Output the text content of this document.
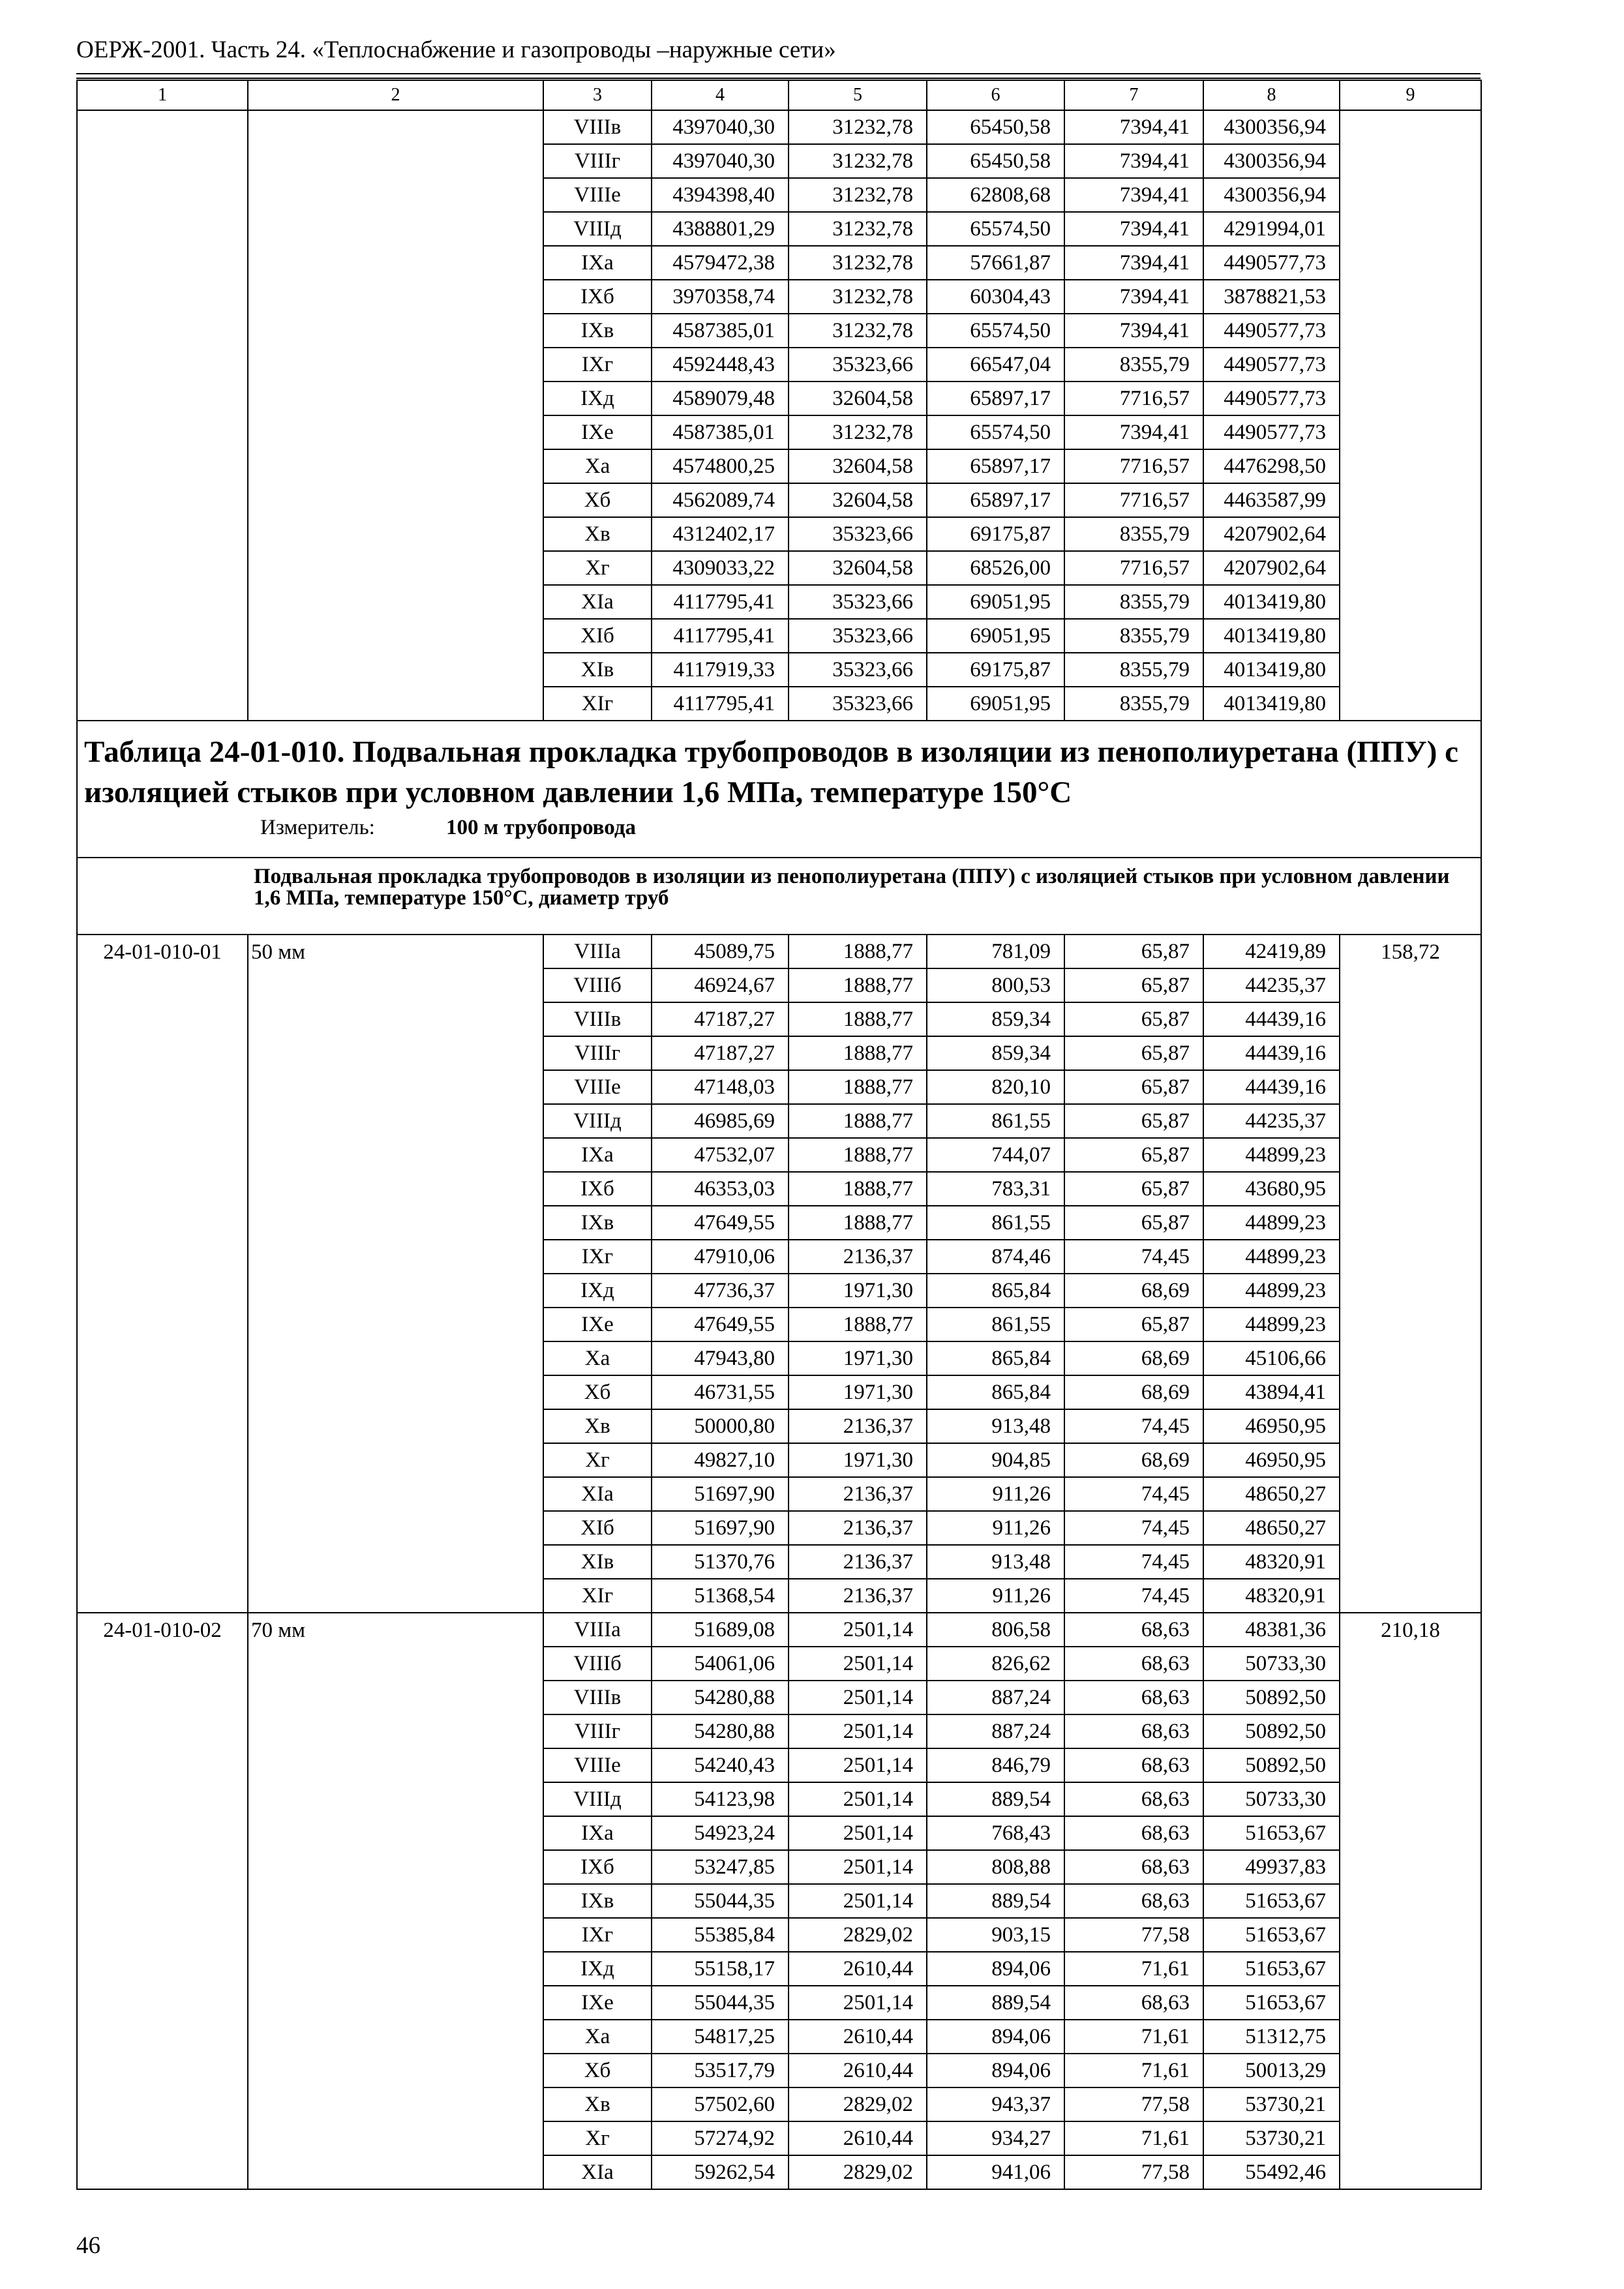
ОЕРЖ-2001. Часть 24. «Теплоснабжение и газопроводы –наружные сети»
1	2	3	4	5	6	7	8	9
		VIIIв	4397040,30	31232,78	65450,58	7394,41	4300356,94	
		VIIIг	4397040,30	31232,78	65450,58	7394,41	4300356,94	
		VIIIе	4394398,40	31232,78	62808,68	7394,41	4300356,94	
		VIIIд	4388801,29	31232,78	65574,50	7394,41	4291994,01	
		IXа	4579472,38	31232,78	57661,87	7394,41	4490577,73	
		IXб	3970358,74	31232,78	60304,43	7394,41	3878821,53	
		IXв	4587385,01	31232,78	65574,50	7394,41	4490577,73	
		IXг	4592448,43	35323,66	66547,04	8355,79	4490577,73	
		IXд	4589079,48	32604,58	65897,17	7716,57	4490577,73	
		IXе	4587385,01	31232,78	65574,50	7394,41	4490577,73	
		Xа	4574800,25	32604,58	65897,17	7716,57	4476298,50	
		Xб	4562089,74	32604,58	65897,17	7716,57	4463587,99	
		Xв	4312402,17	35323,66	69175,87	8355,79	4207902,64	
		Xг	4309033,22	32604,58	68526,00	7716,57	4207902,64	
		XIа	4117795,41	35323,66	69051,95	8355,79	4013419,80	
		XIб	4117795,41	35323,66	69051,95	8355,79	4013419,80	
		XIв	4117919,33	35323,66	69175,87	8355,79	4013419,80	
		XIг	4117795,41	35323,66	69051,95	8355,79	4013419,80	

Таблица 24-01-010. Подвальная прокладка трубопроводов в изоляции из пенополиуретана (ППУ) с изоляцией стыков при условном давлении 1,6 МПа, температуре 150°С
Измеритель: 100 м трубопровода								

Подвальная прокладка трубопроводов в изоляции из пенополиуретана (ППУ) с изоляцией стыков при условном давлении 1,6 МПа, температуре 150°С, диаметр труб								
24-01-010-01	50 мм	VIIIа	45089,75	1888,77	781,09	65,87	42419,89	158,72
		VIIIб	46924,67	1888,77	800,53	65,87	44235,37	
		VIIIв	47187,27	1888,77	859,34	65,87	44439,16	
		VIIIг	47187,27	1888,77	859,34	65,87	44439,16	
		VIIIе	47148,03	1888,77	820,10	65,87	44439,16	
		VIIIд	46985,69	1888,77	861,55	65,87	44235,37	
		IXа	47532,07	1888,77	744,07	65,87	44899,23	
		IXб	46353,03	1888,77	783,31	65,87	43680,95	
		IXв	47649,55	1888,77	861,55	65,87	44899,23	
		IXг	47910,06	2136,37	874,46	74,45	44899,23	
		IXд	47736,37	1971,30	865,84	68,69	44899,23	
		IXе	47649,55	1888,77	861,55	65,87	44899,23	
		Xа	47943,80	1971,30	865,84	68,69	45106,66	
		Xб	46731,55	1971,30	865,84	68,69	43894,41	
		Xв	50000,80	2136,37	913,48	74,45	46950,95	
		Xг	49827,10	1971,30	904,85	68,69	46950,95	
		XIа	51697,90	2136,37	911,26	74,45	48650,27	
		XIб	51697,90	2136,37	911,26	74,45	48650,27	
		XIв	51370,76	2136,37	913,48	74,45	48320,91	
		XIг	51368,54	2136,37	911,26	74,45	48320,91	
24-01-010-02	70 мм	VIIIа	51689,08	2501,14	806,58	68,63	48381,36	210,18
		VIIIб	54061,06	2501,14	826,62	68,63	50733,30	
		VIIIв	54280,88	2501,14	887,24	68,63	50892,50	
		VIIIг	54280,88	2501,14	887,24	68,63	50892,50	
		VIIIе	54240,43	2501,14	846,79	68,63	50892,50	
		VIIIд	54123,98	2501,14	889,54	68,63	50733,30	
		IXа	54923,24	2501,14	768,43	68,63	51653,67	
		IXб	53247,85	2501,14	808,88	68,63	49937,83	
		IXв	55044,35	2501,14	889,54	68,63	51653,67	
		IXг	55385,84	2829,02	903,15	77,58	51653,67	
		IXд	55158,17	2610,44	894,06	71,61	51653,67	
		IXе	55044,35	2501,14	889,54	68,63	51653,67	
		Xа	54817,25	2610,44	894,06	71,61	51312,75	
		Xб	53517,79	2610,44	894,06	71,61	50013,29	
		Xв	57502,60	2829,02	943,37	77,58	53730,21	
		Xг	57274,92	2610,44	934,27	71,61	53730,21	
		XIа	59262,54	2829,02	941,06	77,58	55492,46	
46
